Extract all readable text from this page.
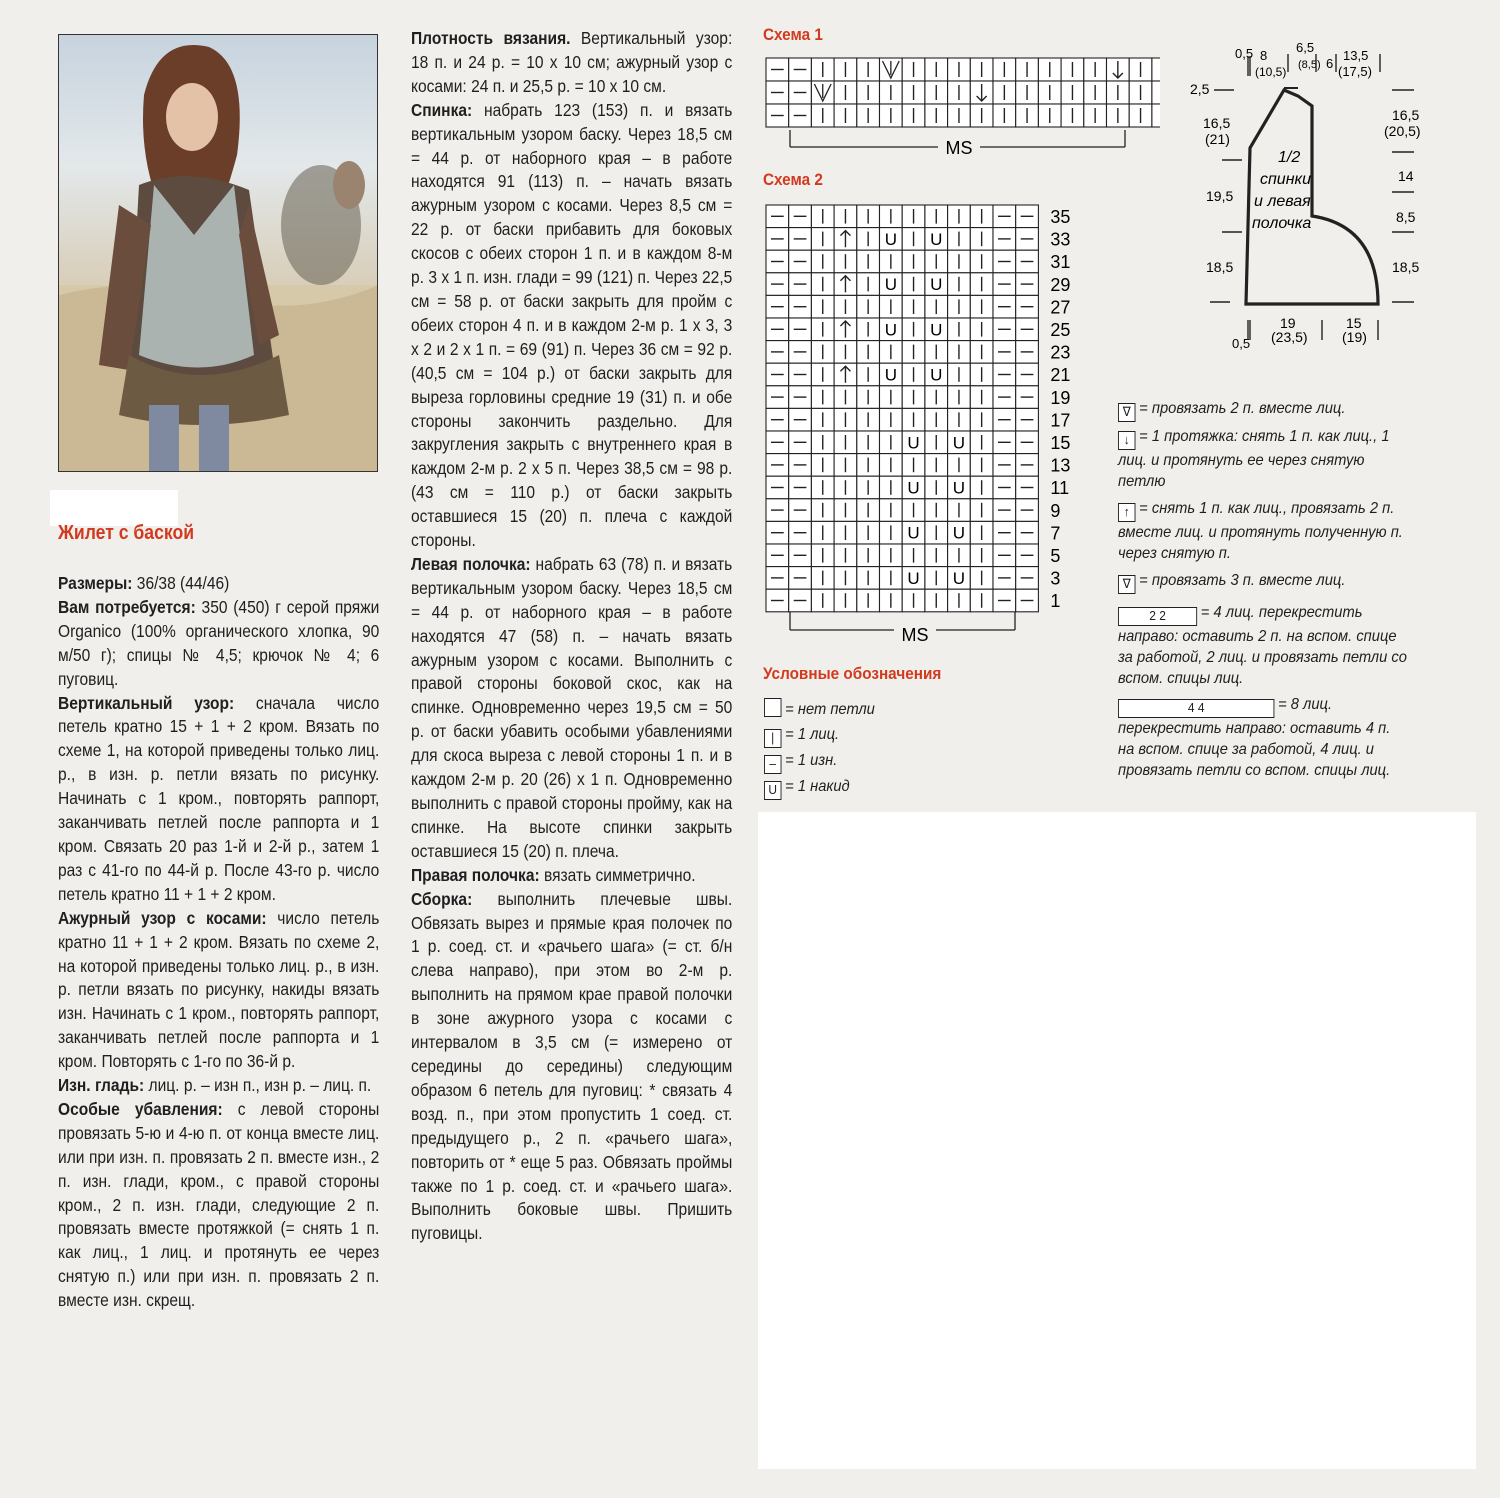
Жилет с баской

Размеры: 36/38 (44/46)

Вам потребуется: 350 (450) г серой пряжи Organico (100% органического хлопка, 90 м/50 г); спицы № 4,5; крючок № 4; 6 пуговиц.

Вертикальный узор: сначала число петель кратно 15 + 1 + 2 кром. Вязать по схеме 1, на которой приведены только лиц. р., в изн. р. петли вязать по рисунку. Начинать с 1 кром., повторять раппорт, заканчивать петлей после раппорта и 1 кром. Связать 20 раз 1-й и 2-й р., затем 1 раз с 41-го по 44-й р. После 43-го р. число петель кратно 11 + 1 + 2 кром.

Ажурный узор с косами: число петель кратно 11 + 1 + 2 кром. Вязать по схеме 2, на которой приведены только лиц. р., в изн. р. петли вязать по рисунку, накиды вязать изн. Начинать с 1 кром., повторять раппорт, заканчивать петлей после раппорта и 1 кром. Повторять с 1-го по 36-й р.

Изн. гладь: лиц. р. – изн п., изн р. – лиц. п.

Особые убавления: с левой стороны провязать 5-ю и 4-ю п. от конца вместе лиц. или при изн. п. провязать 2 п. вместе изн., 2 п. изн. глади, кром., с правой стороны кром., 2 п. изн. глади, следующие 2 п. провязать вместе протяжкой (= снять 1 п. как лиц., 1 лиц. и протянуть ее через снятую п.) или при изн. п. провязать 2 п. вместе изн. скрещ.

Плотность вязания. Вертикальный узор: 18 п. и 24 р. = 10 х 10 см; ажурный узор с косами: 24 п. и 25,5 р. = 10 х 10 см.

Спинка: набрать 123 (153) п. и вязать вертикальным узором баску. Через 18,5 см = 44 р. от наборного края – в работе находятся 91 (113) п. – начать вязать ажурным узором с косами. Через 8,5 см = 22 р. от баски прибавить для боковых скосов с обеих сторон 1 п. и в каждом 8-м р. 3 х 1 п. изн. глади = 99 (121) п. Через 22,5 см = 58 р. от баски закрыть для пройм с обеих сторон 4 п. и в каждом 2-м р. 1 х 3, 3 х 2 и 2 х 1 п. = 69 (91) п. Через 36 см = 92 р. (40,5 см = 104 р.) от баски закрыть для выреза горловины средние 19 (31) п. и обе стороны закончить раздельно. Для закругления закрыть с внутреннего края в каждом 2-м р. 2 х 5 п. Через 38,5 см = 98 р. (43 см = 110 р.) от баски закрыть оставшиеся 15 (20) п. плеча с каждой стороны.

Левая полочка: набрать 63 (78) п. и вязать вертикальным узором баску. Через 18,5 см = 44 р. от наборного края – в работе находятся 47 (58) п. – начать вязать ажурным узором с косами. Выполнить с правой стороны боковой скос, как на спинке. Одновременно через 19,5 см = 50 р. от баски убавить особыми убавлениями для скоса выреза с левой стороны 1 п. и в каждом 2-м р. 20 (26) х 1 п. Одновременно выполнить с правой стороны пройму, как на спинке. На высоте спинки закрыть оставшиеся 15 (20) п. плеча.

Правая полочка: вязать симметрично.

Сборка: выполнить плечевые швы. Обвязать вырез и прямые края полочек по 1 р. соед. ст. и «рачьего шага» (= ст. б/н слева направо), при этом во 2-м р. выполнить на прямом крае правой полочки в зоне ажурного узора с косами с интервалом в 3,5 см (= измерено от середины до середины) следующим образом 6 петель для пуговиц: * связать 4 возд. п., при этом пропустить 1 соед. ст. предыдущего р., 2 п. «рачьего шага», повторить от * еще 5 раз. Обвязать проймы также по 1 р. соед. ст. и «рачьего шага». Выполнить боковые швы. Пришить пуговицы.

Схема 1
MS
Схема 2
U U
U U
U U
U U
U U
U U
U U
U U
35
33
31
29
27
25
23
21
19
17
15
13
11
9
7
5
3
1
MS
Условные обозначения
= нет петли
| = 1 лиц.
– = 1 изн.
U = 1 накид
∇ = провязать 2 п. вместе лиц.
↓ = 1 протяжка: снять 1 п. как лиц., 1 лиц. и протянуть ее через снятую петлю
↑ = снять 1 п. как лиц., провязать 2 п. вместе лиц. и протянуть полученную п. через снятую п.
∇ = провязать 3 п. вместе лиц.
2 2 = 4 лиц. перекрестить направо: оставить 2 п. на вспом. спице за работой, 2 лиц. и провязать петли со вспом. спицы лиц.
4 4	= 8 лиц. перекрестить направо: оставить 4 п. на вспом. спице за работой, 4 лиц. и провязать петли со вспом. спицы лиц.
1/2
спинки
и левая
полочка
0,5 8
(10,5)
6,5
(8,5) 6
13,5
(17,5)
2,5
16,5
(21)
19,5
18,5
16,5
(20,5)
14
8,5
18,5
0,5
19
(23,5)
15
(19)
